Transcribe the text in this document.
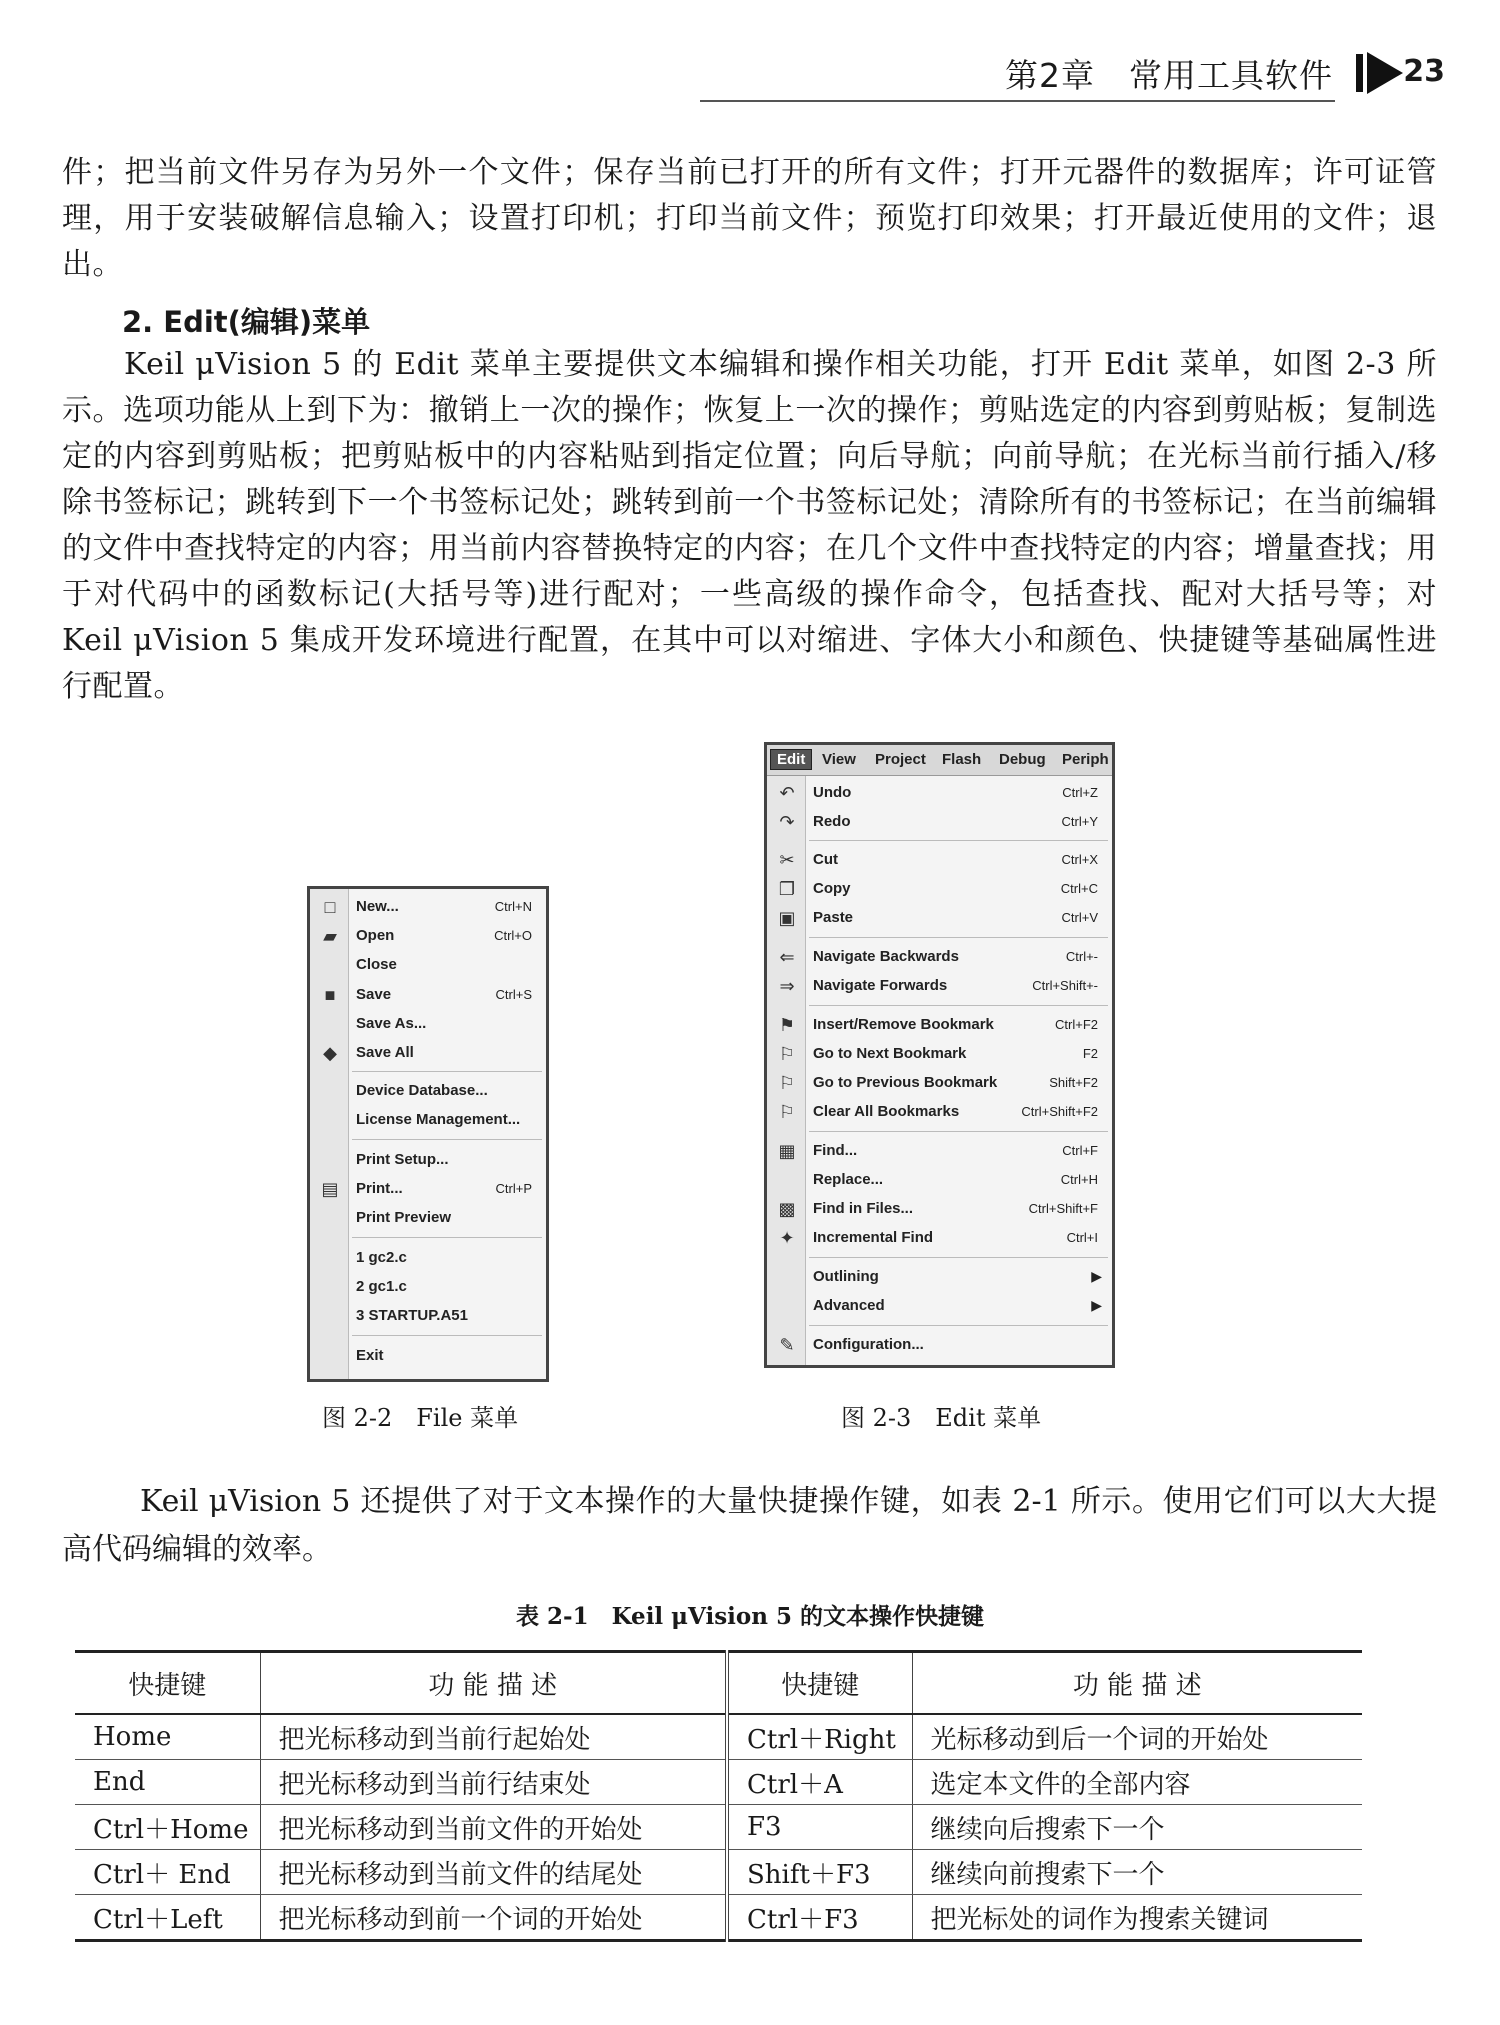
第2章　常用工具软件 23
件；把当前文件另存为另外一个文件；保存当前已打开的所有文件；打开元器件的数据库；许可证管理，用于安装破解信息输入；设置打印机；打印当前文件；预览打印效果；打开最近使用的文件；退出。
2. Edit(编辑)菜单
Keil μVision 5 的 Edit 菜单主要提供文本编辑和操作相关功能，打开 Edit 菜单，如图 2-3 所示。选项功能从上到下为：撤销上一次的操作；恢复上一次的操作；剪贴选定的内容到剪贴板；复制选定的内容到剪贴板；把剪贴板中的内容粘贴到指定位置；向后导航；向前导航；在光标当前行插入/移除书签标记；跳转到下一个书签标记处；跳转到前一个书签标记处；清除所有的书签标记；在当前编辑的文件中查找特定的内容；用当前内容替换特定的内容；在几个文件中查找特定的内容；增量查找；用于对代码中的函数标记(大括号等)进行配对；一些高级的操作命令，包括查找、配对大括号等；对 Keil μVision 5 集成开发环境进行配置，在其中可以对缩进、字体大小和颜色、快捷键等基础属性进行配置。
□	New...	Ctrl+N
▰ Open	Ctrl+O
Close
■	Save	Ctrl+S
Save As...
◆ Save All
Device Database...
License Management...
Print Setup...
▤ Print...	Ctrl+P
Print Preview
1 gc2.c
2 gc1.c
3 STARTUP.A51
Exit
Edit	View Project Flash Debug Periph
↶ Undo	Ctrl+Z
↷ Redo	Ctrl+Y
✂ Cut	Ctrl+X
❐ Copy	Ctrl+C
▣ Paste	Ctrl+V
⇐ Navigate Backwards	Ctrl+-
⇒ Navigate Forwards	Ctrl+Shift+-
⚑ Insert/Remove Bookmark	Ctrl+F2
⚐ Go to Next Bookmark	F2
⚐ Go to Previous Bookmark	Shift+F2
⚐ Clear All Bookmarks	Ctrl+Shift+F2
▦ Find...	Ctrl+F
Replace...	Ctrl+H
▩ Find in Files...	Ctrl+Shift+F
✦ Incremental Find	Ctrl+I
Outlining	▶
Advanced	▶
✎ Configuration...
图 2-2　File 菜单	图 2-3　Edit 菜单
Keil μVision 5 还提供了对于文本操作的大量快捷操作键，如表 2-1 所示。使用它们可以大大提高代码编辑的效率。
表 2-1　Keil μVision 5 的文本操作快捷键
快捷键	功 能 描 述	快捷键	功 能 描 述
Home	把光标移动到当前行起始处	Ctrl＋Right	光标移动到后一个词的开始处
End	把光标移动到当前行结束处	Ctrl＋A	选定本文件的全部内容
Ctrl＋Home	把光标移动到当前文件的开始处	F3	继续向后搜索下一个
Ctrl＋ End	把光标移动到当前文件的结尾处	Shift＋F3	继续向前搜索下一个
Ctrl＋Left	把光标移动到前一个词的开始处	Ctrl＋F3	把光标处的词作为搜索关键词
